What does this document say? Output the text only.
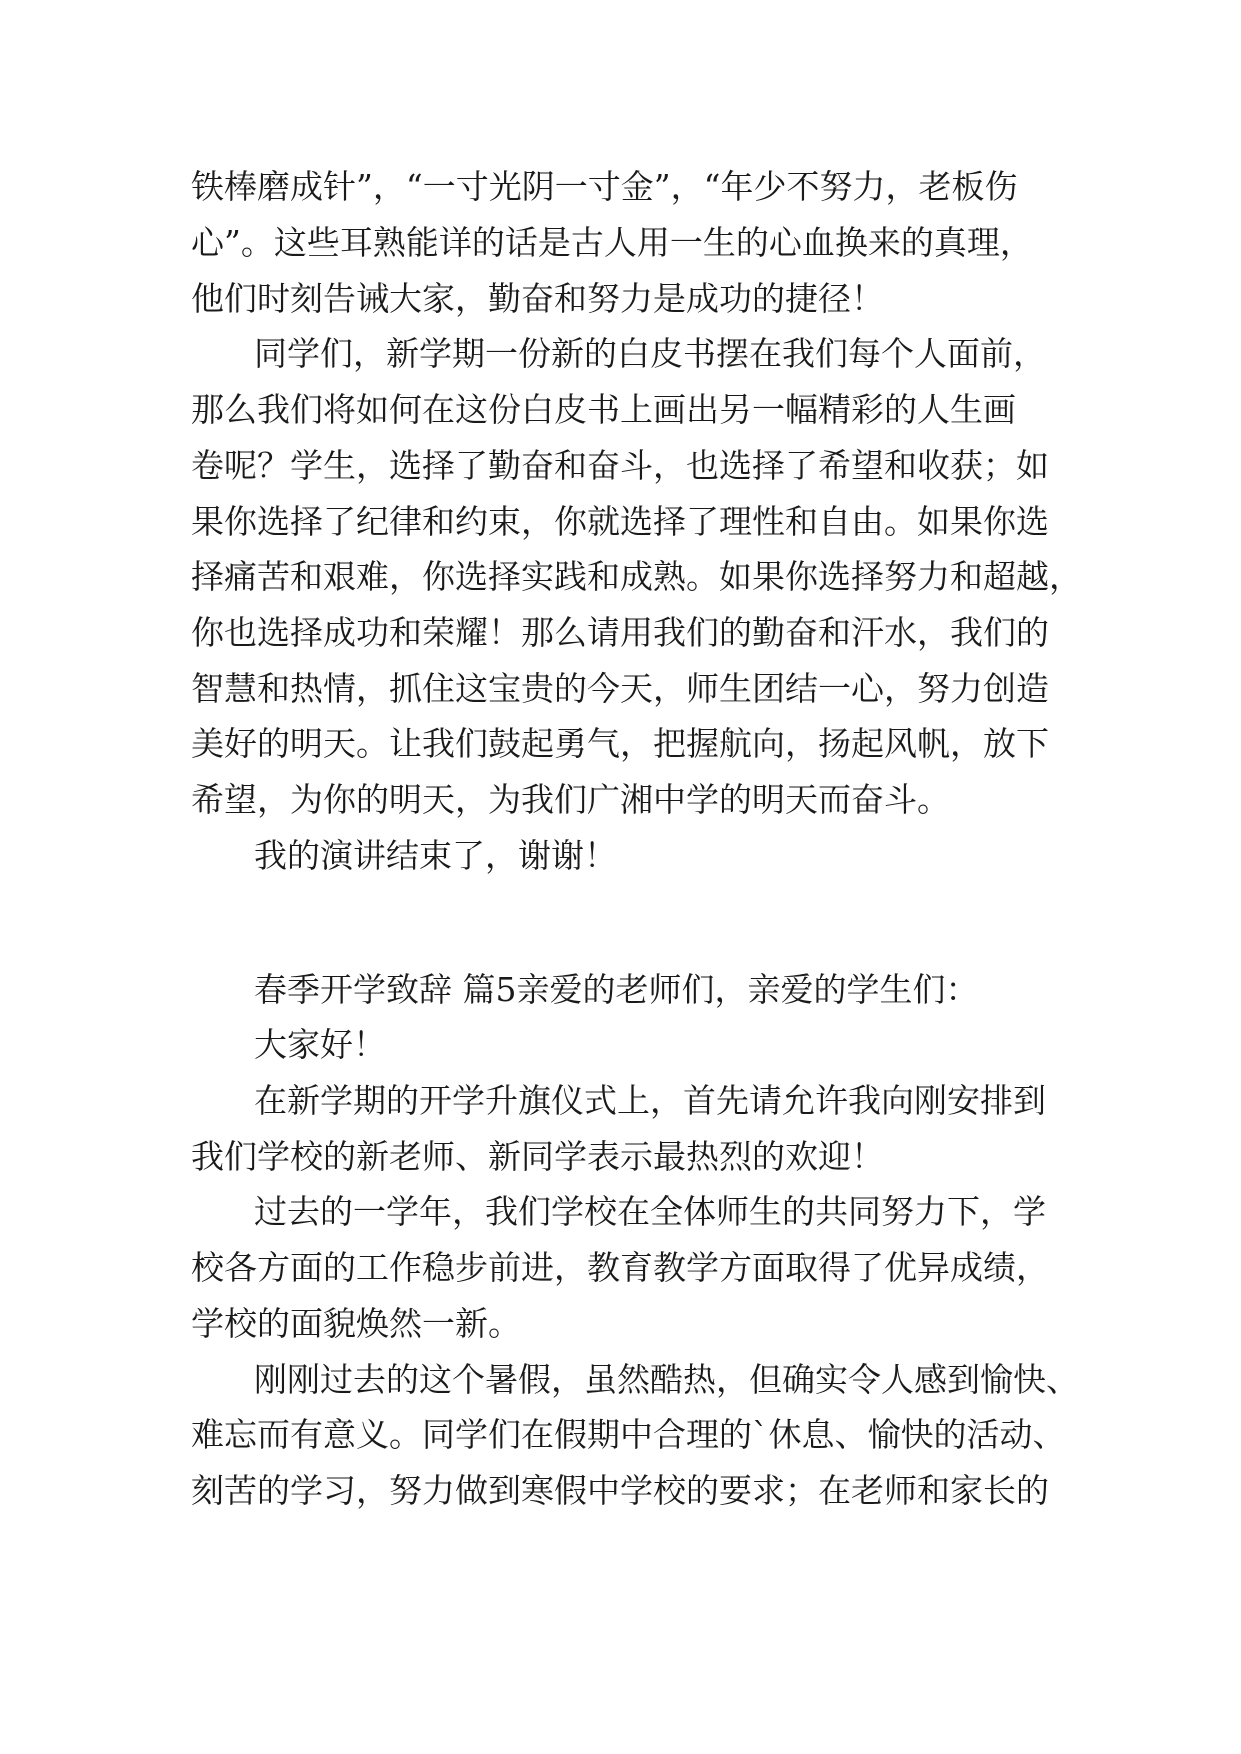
铁棒磨成针”，“一寸光阴一寸金”，“年少不努力，老板伤
心”。这些耳熟能详的话是古人用一生的心血换来的真理，
他们时刻告诫大家，勤奋和努力是成功的捷径！
同学们，新学期一份新的白皮书摆在我们每个人面前，
那么我们将如何在这份白皮书上画出另一幅精彩的人生画
卷呢？学生，选择了勤奋和奋斗，也选择了希望和收获；如
果你选择了纪律和约束，你就选择了理性和自由。如果你选
择痛苦和艰难，你选择实践和成熟。如果你选择努力和超越，
你也选择成功和荣耀！那么请用我们的勤奋和汗水，我们的
智慧和热情，抓住这宝贵的今天，师生团结一心，努力创造
美好的明天。让我们鼓起勇气，把握航向，扬起风帆，放下
希望，为你的明天，为我们广湘中学的明天而奋斗。
我的演讲结束了，谢谢！
春季开学致辞 篇5亲爱的老师们，亲爱的学生们：
大家好！
在新学期的开学升旗仪式上，首先请允许我向刚安排到
我们学校的新老师、新同学表示最热烈的欢迎！
过去的一学年，我们学校在全体师生的共同努力下，学
校各方面的工作稳步前进，教育教学方面取得了优异成绩，
学校的面貌焕然一新。
刚刚过去的这个暑假，虽然酷热，但确实令人感到愉快、
难忘而有意义。同学们在假期中合理的`休息、愉快的活动、
刻苦的学习，努力做到寒假中学校的要求；在老师和家长的
